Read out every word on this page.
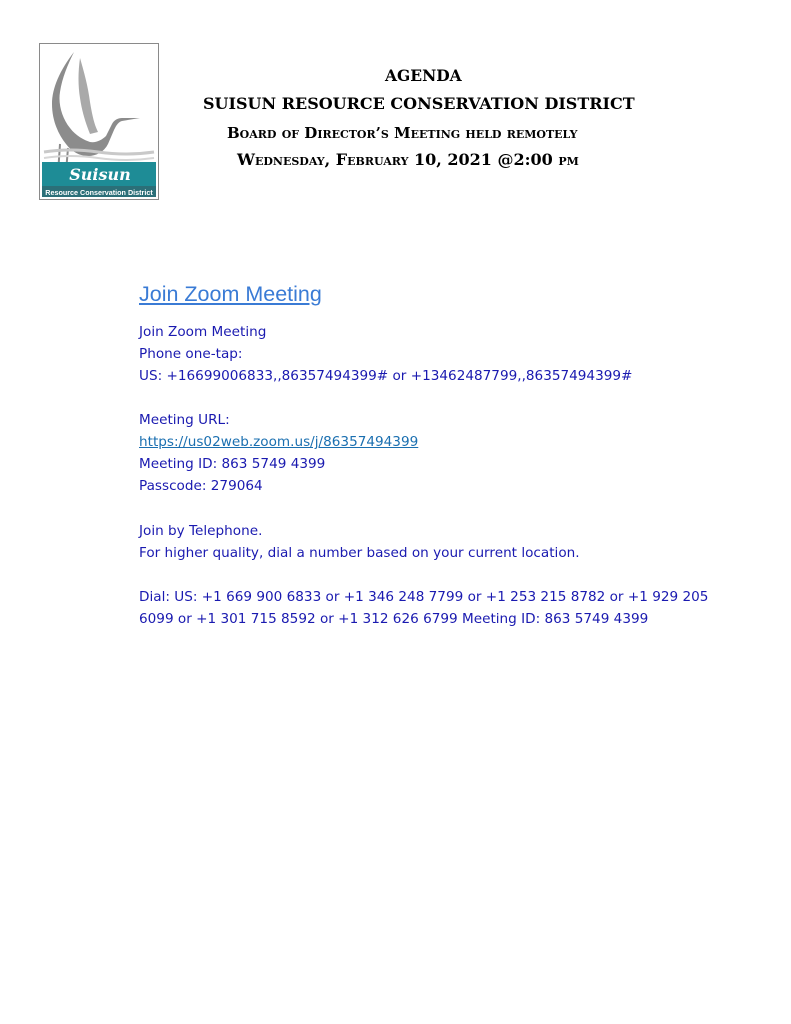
Suisun
Resource Conservation District
AGENDA
SUISUN RESOURCE CONSERVATION DISTRICT
Board of Director’s Meeting held remotely
Wednesday, February 10, 2021 @2:00 pm
Join Zoom Meeting
Join Zoom Meeting
Phone one-tap:
US: +16699006833,,86357494399# or +13462487799,,86357494399#
Meeting URL:
https://us02web.zoom.us/j/86357494399
Meeting ID: 863 5749 4399
Passcode: 279064
Join by Telephone.
For higher quality, dial a number based on your current location.
Dial: US: +1 669 900 6833 or +1 346 248 7799 or +1 253 215 8782 or +1 929 205 6099 or +1 301 715 8592 or +1 312 626 6799 Meeting ID: 863 5749 4399
